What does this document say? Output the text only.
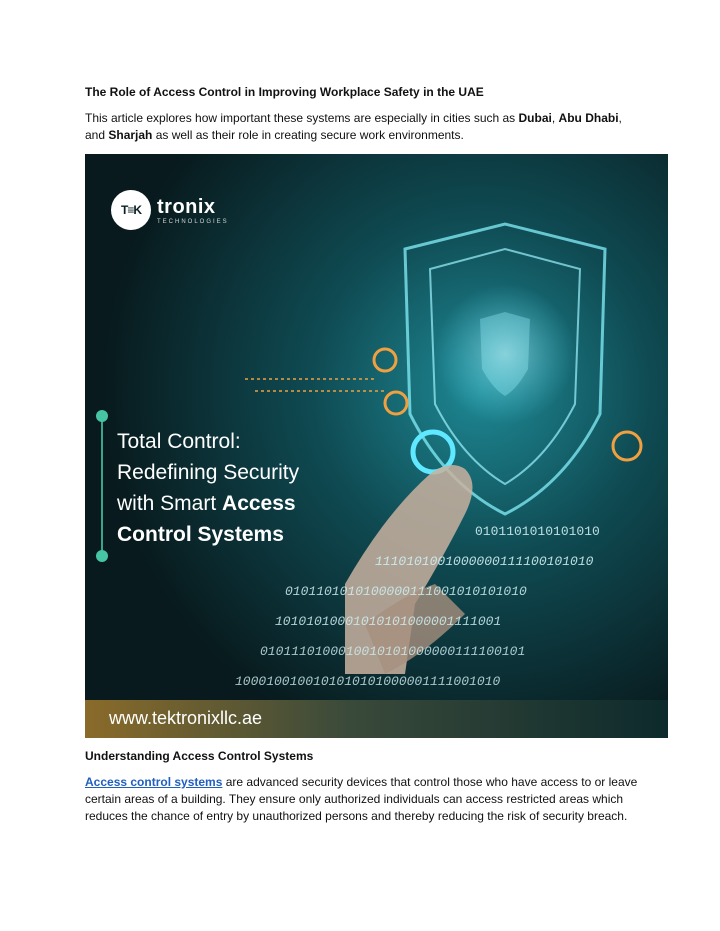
The Role of Access Control in Improving Workplace Safety in the UAE
This article explores how important these systems are especially in cities such as Dubai, Abu Dhabi,
and Sharjah as well as their role in creating secure work environments.
0101101010101010
1110101001000000111100101010
0101101010100000111001010101010
10101010001010101000001111001
0101110100010010101000000111100101
1000100100101010101000001111001010
T≡K tronix
TECHNOLOGIES
Total Control:
Redefining Security
with Smart Access
Control Systems
www.tektronixllc.ae
Understanding Access Control Systems
Access control systems are advanced security devices that control those who have access to or leave certain areas of a building. They ensure only authorized individuals can access restricted areas which reduces the chance of entry by unauthorized persons and thereby reducing the risk of security breach.
